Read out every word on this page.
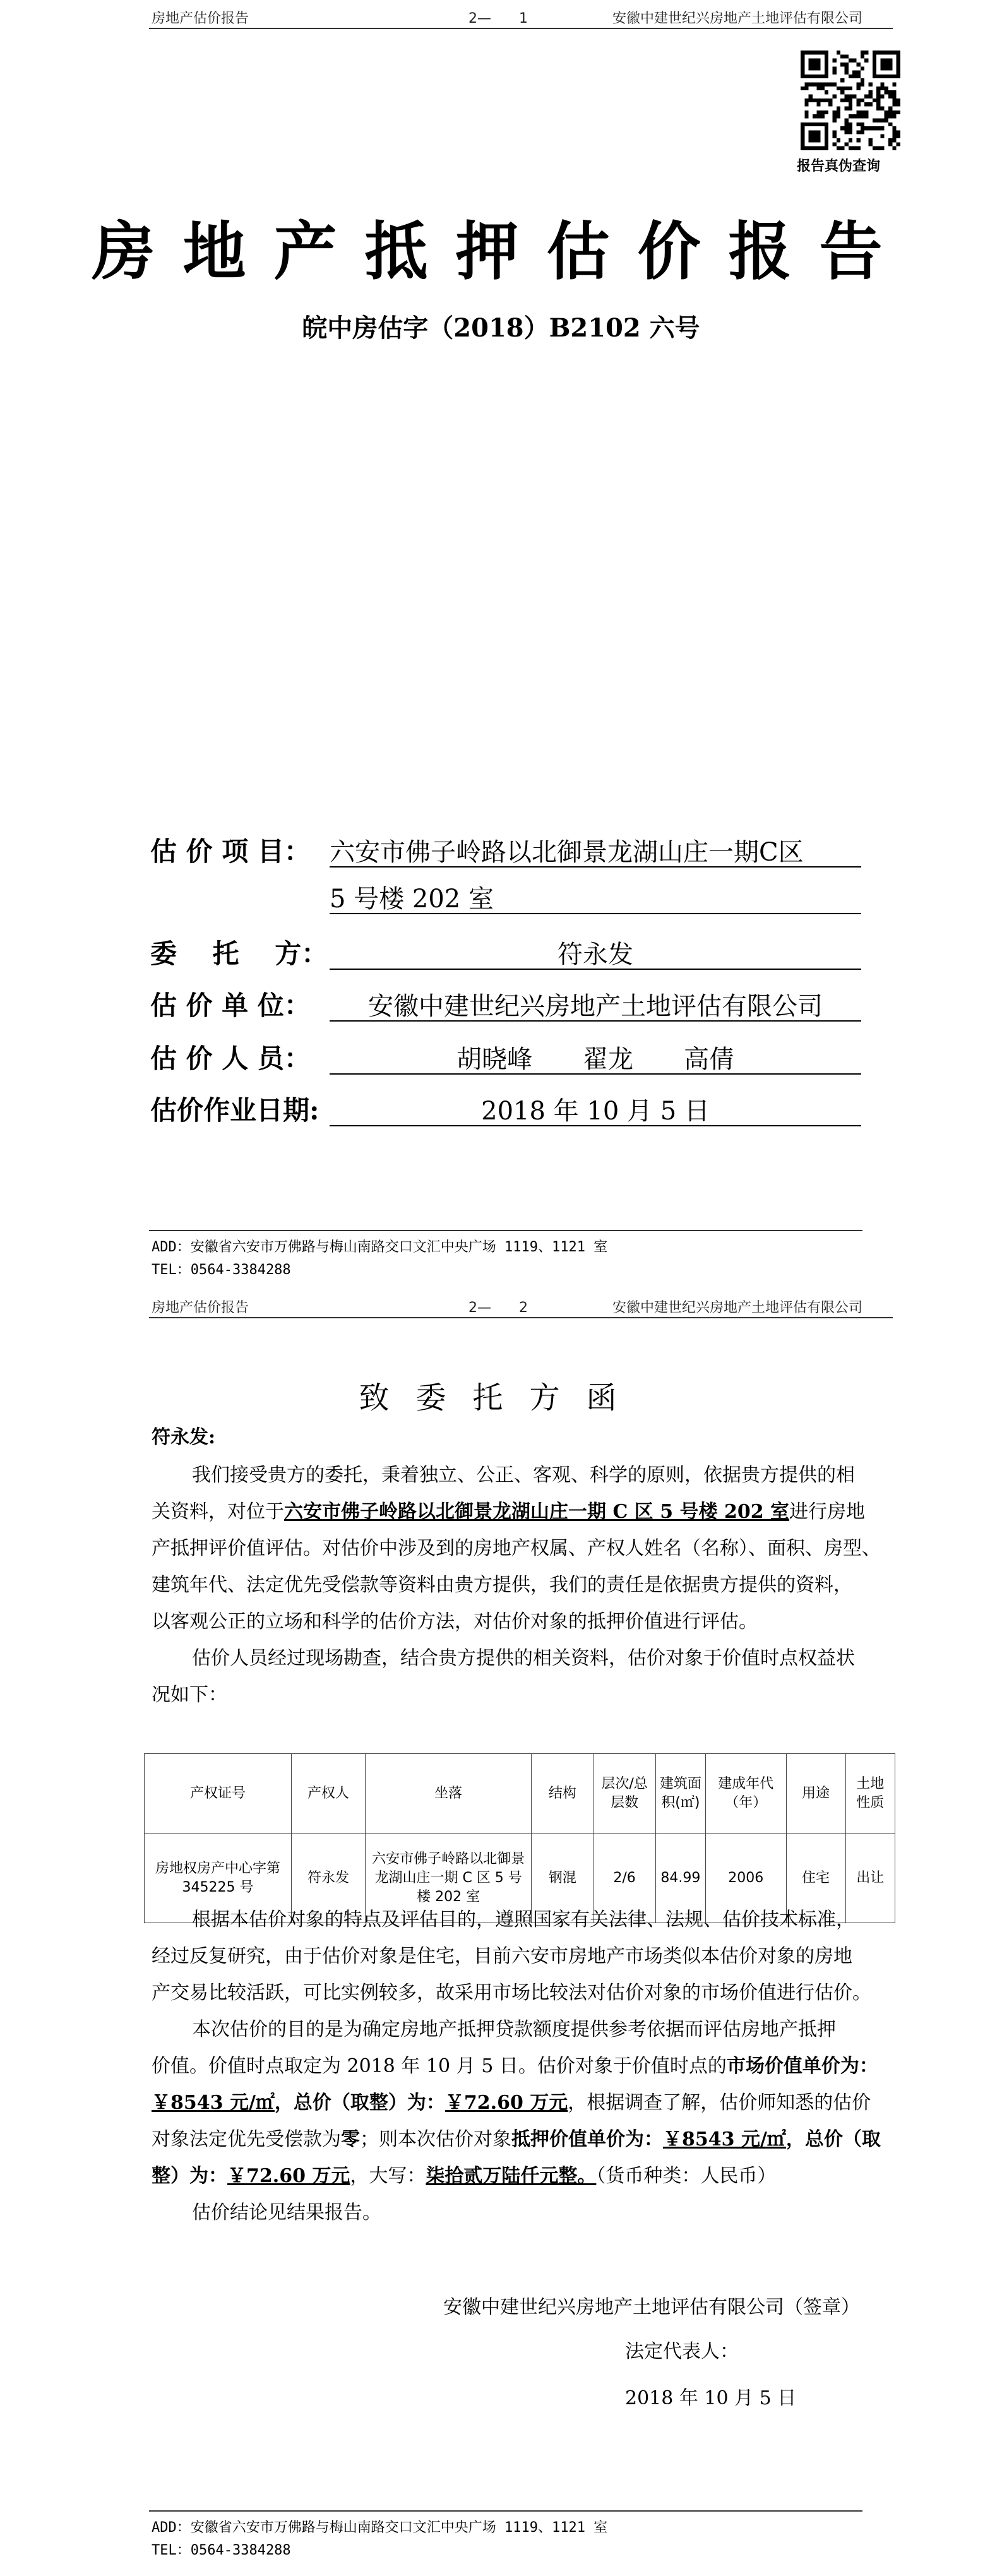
房地产估价报告	2—　　1	安徽中建世纪兴房地产土地评估有限公司
报告真伪查询
房地产抵押估价报告
皖中房估字（2018）B2102 六号
估 价 项 目： 六安市佛子岭路以北御景龙湖山庄一期C区
5 号楼 202 室
委　 托 　方：	符永发
估 价 单 位：	安徽中建世纪兴房地产土地评估有限公司
估 价 人 员：	胡晓峰　　翟龙　　高倩
估价作业日期:	2018 年 10 月 5 日
ADD：安徽省六安市万佛路与梅山南路交口文汇中央广场 1119、1121 室
TEL：0564-3384288
房地产估价报告	2—　　2	安徽中建世纪兴房地产土地评估有限公司
致委托方函
符永发:
我们接受贵方的委托，秉着独立、公正、客观、科学的原则，依据贵方提供的相
关资料，对位于六安市佛子岭路以北御景龙湖山庄一期 C 区 5 号楼 202 室进行房地
产抵押评价值评估。对估价中涉及到的房地产权属、产权人姓名（名称）、面积、房型、
建筑年代、法定优先受偿款等资料由贵方提供，我们的责任是依据贵方提供的资料，
以客观公正的立场和科学的估价方法，对估价对象的抵押价值进行评估。
估价人员经过现场勘查，结合贵方提供的相关资料，估价对象于价值时点权益状
况如下：
产权证号	产权人	坐落	结构	层次/总层数	建筑面积(㎡)	建成年代（年）	用途	土地性质
房地权房产中心字第 345225 号	符永发	六安市佛子岭路以北御景龙湖山庄一期 C 区 5 号楼 202 室	钢混	2/6	84.99	2006	住宅	出让
根据本估价对象的特点及评估目的，遵照国家有关法律、法规、估价技术标准，
经过反复研究，由于估价对象是住宅，目前六安市房地产市场类似本估价对象的房地
产交易比较活跃，可比实例较多，故采用市场比较法对估价对象的市场价值进行估价。
本次估价的目的是为确定房地产抵押贷款额度提供参考依据而评估房地产抵押
价值。价值时点取定为 2018 年 10 月 5 日。估价对象于价值时点的市场价值单价为：
￥8543 元/㎡，总价（取整）为：￥72.60 万元，根据调查了解，估价师知悉的估价
对象法定优先受偿款为零；则本次估价对象抵押价值单价为：￥8543 元/㎡，总价（取
整）为：￥72.60 万元，大写：柒拾贰万陆仟元整。（货币种类：人民币）
估价结论见结果报告。
安徽中建世纪兴房地产土地评估有限公司（签章）
法定代表人：
2018 年 10 月 5 日
ADD：安徽省六安市万佛路与梅山南路交口文汇中央广场 1119、1121 室
TEL：0564-3384288
